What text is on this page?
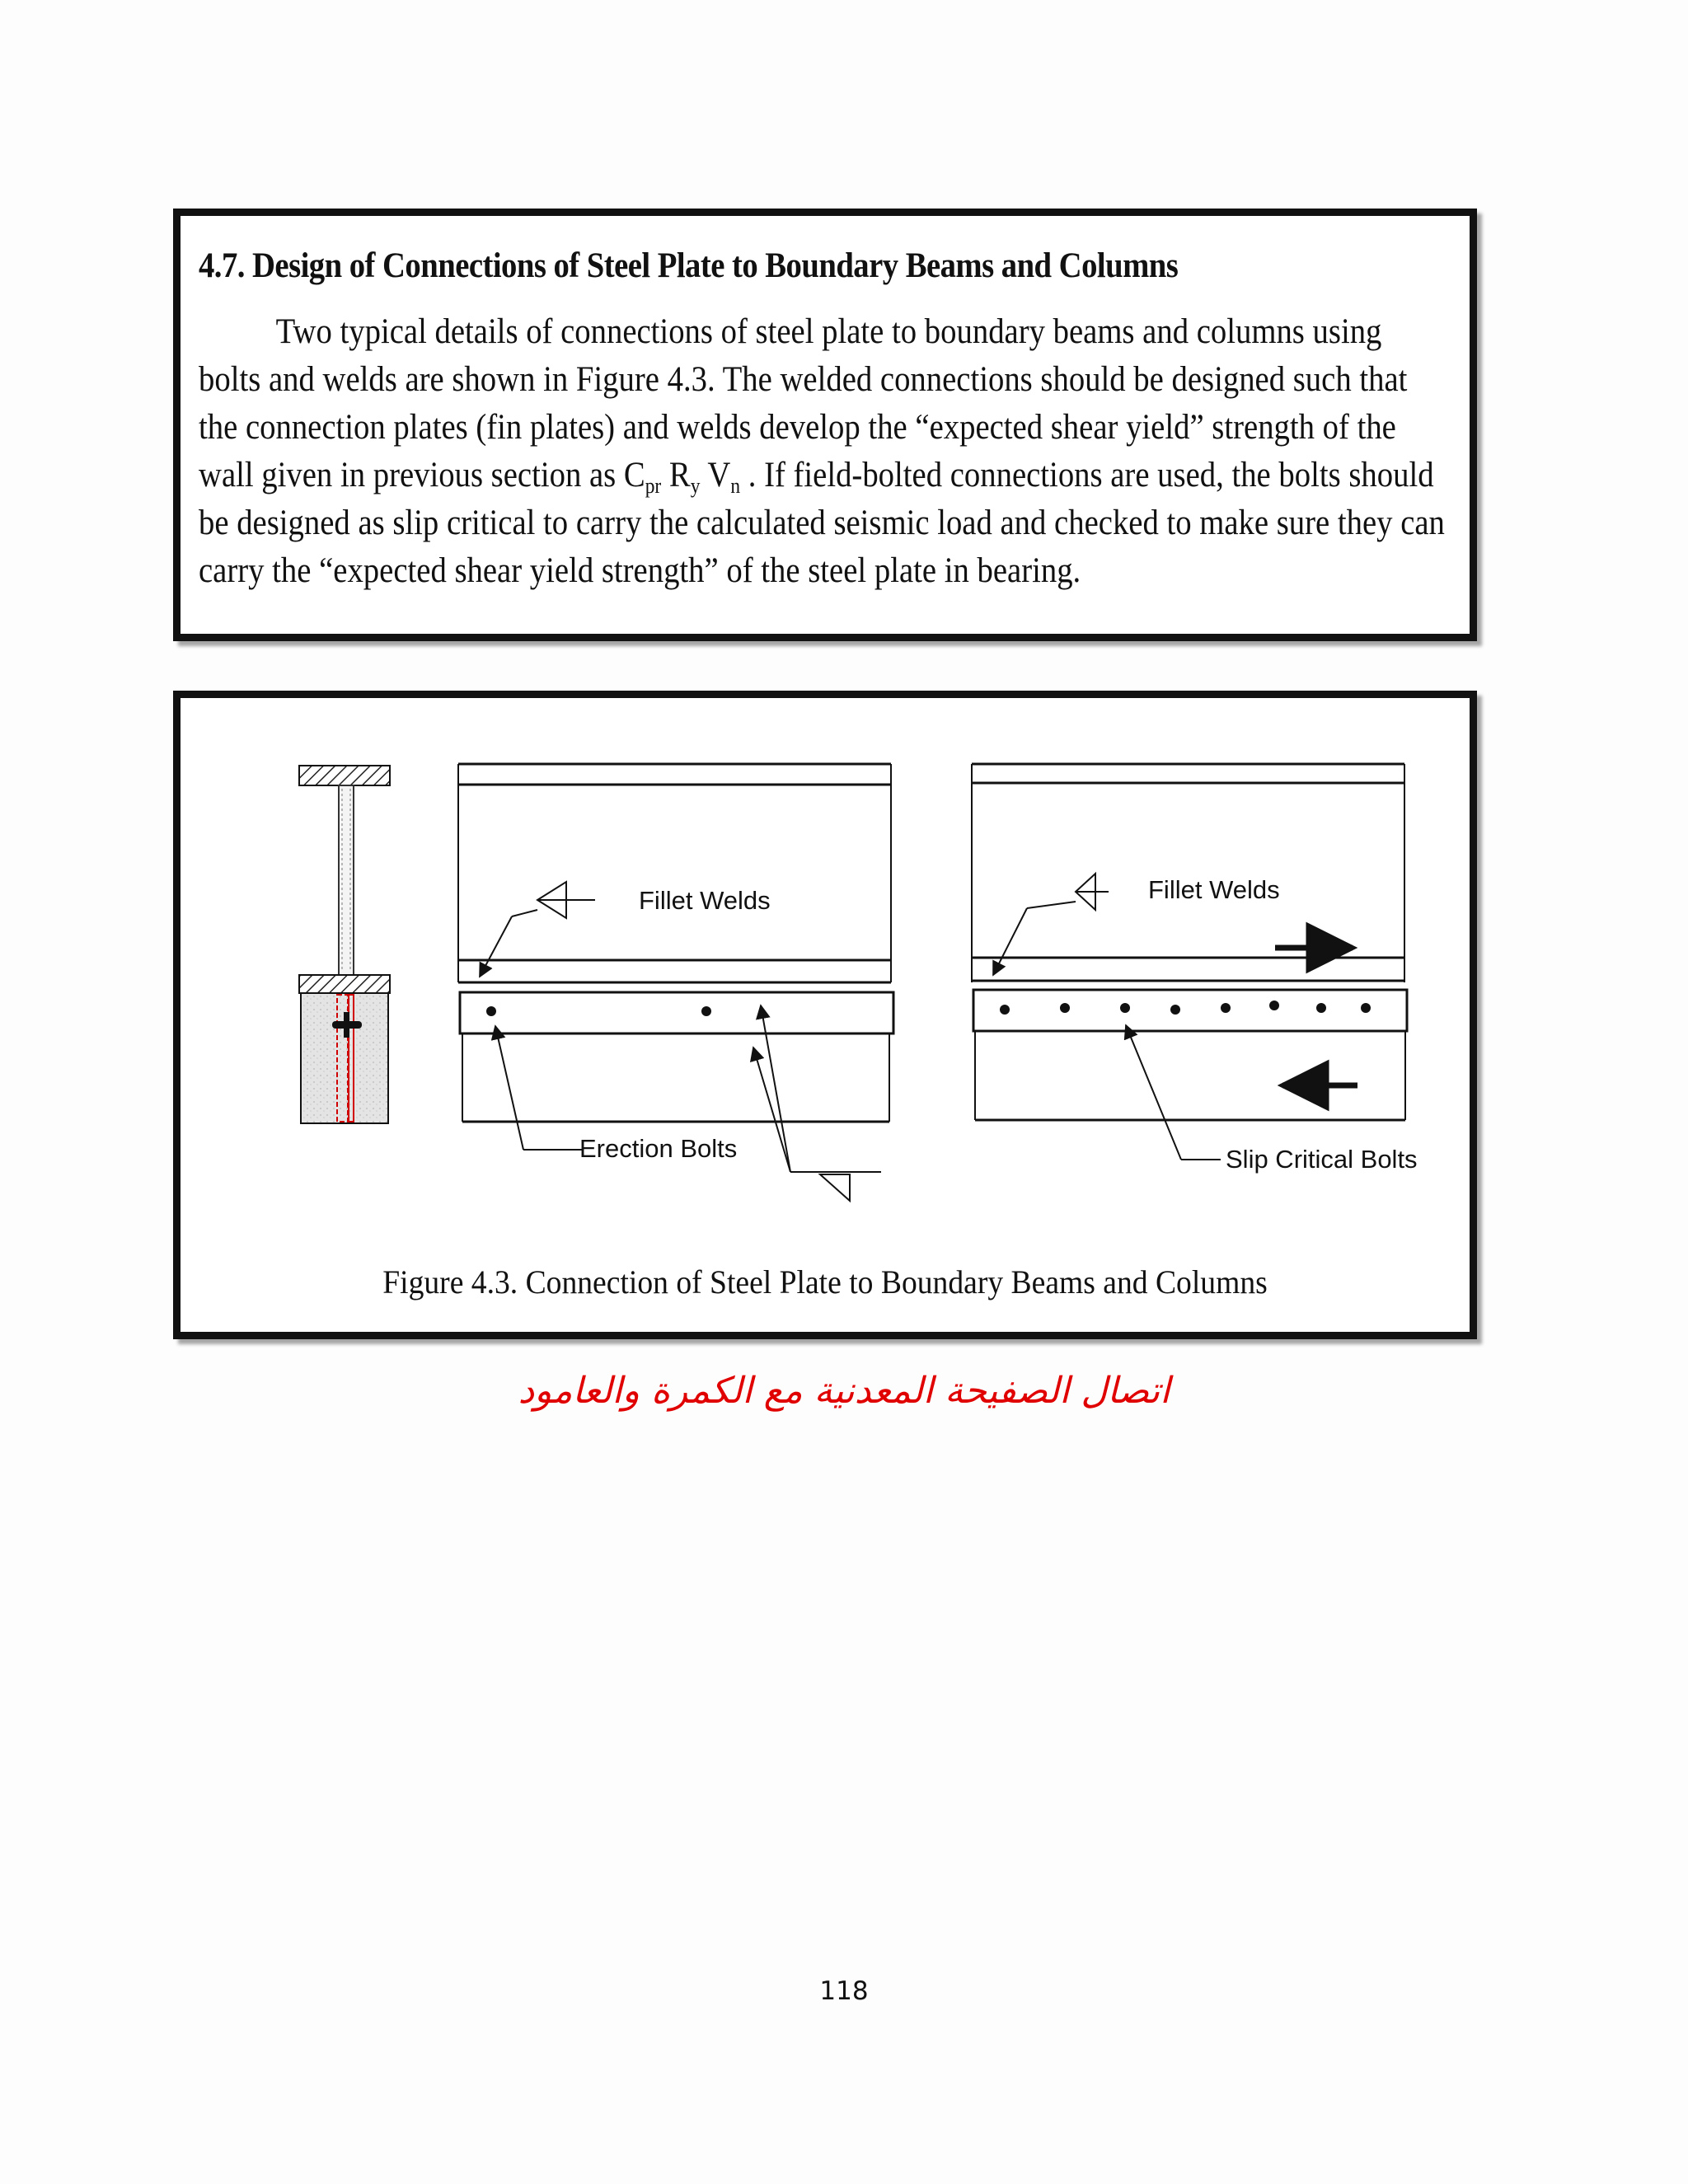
4.7. Design of Connections of Steel Plate to Boundary Beams and Columns
Two typical details of connections of steel plate to boundary beams and columns using
bolts and welds are shown in Figure 4.3. The welded connections should be designed such that
the connection plates (fin plates) and welds develop the “expected shear yield” strength of the
wall given in previous section as $C_{pr}$ $R_y$ $V_n$ . If field-bolted connections are used, the bolts should
be designed as slip critical to carry the calculated seismic load and checked to make sure they can
carry the “expected shear yield strength” of the steel plate in bearing.
Fillet Welds
Erection Bolts
Fillet Welds
Slip Critical Bolts
Figure 4.3. Connection of Steel Plate to Boundary Beams and Columns
اتصال الصفيحة المعدنية مع الكمرة والعامود
118
